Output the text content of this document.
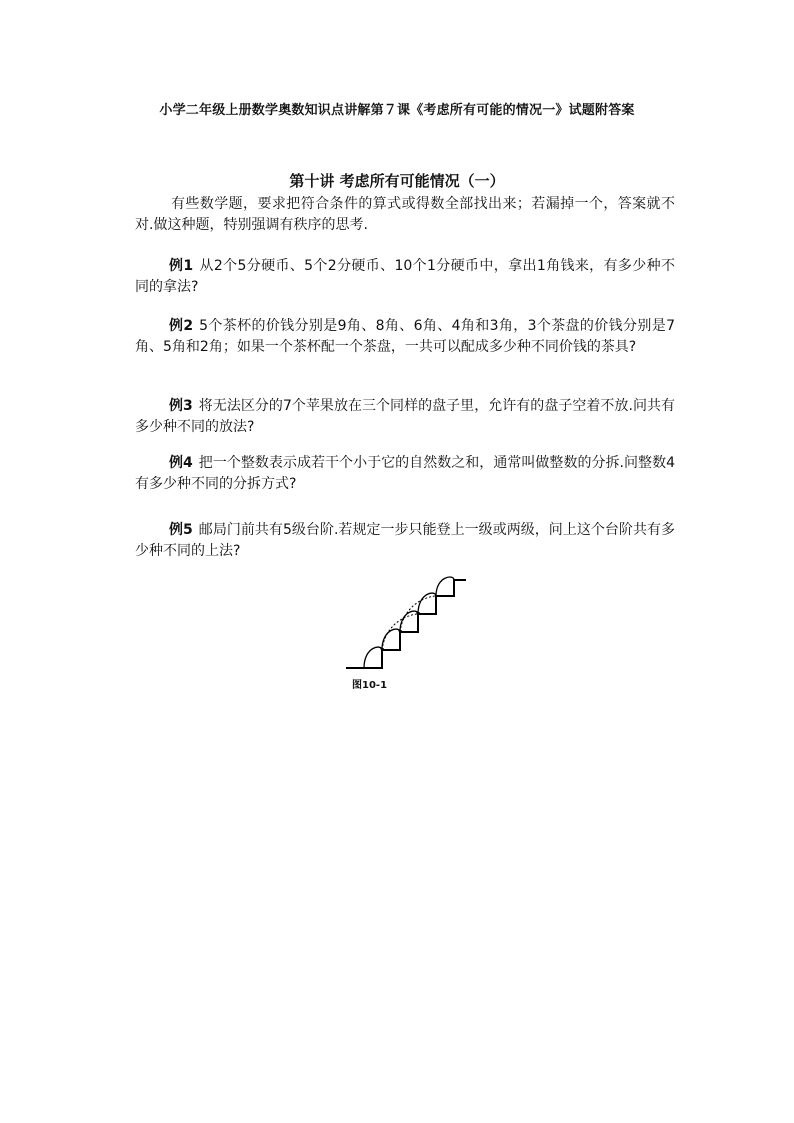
小学二年级上册数学奥数知识点讲解第７课《考虑所有可能的情况一》试题附答案
第十讲 考虑所有可能情况（一）

有些数学题，要求把符合条件的算式或得数全部找出来；若漏掉一个，答案就不对.做这种题，特别强调有秩序的思考.

例1 从2个5分硬币、5个2分硬币、10个1分硬币中，拿出1角钱来，有多少种不同的拿法?

例2 5个茶杯的价钱分别是9角、8角、6角、4角和3角，3个茶盘的价钱分别是7角、5角和2角；如果一个茶杯配一个茶盘，一共可以配成多少种不同价钱的茶具?

例3 将无法区分的7个苹果放在三个同样的盘子里，允许有的盘子空着不放.问共有多少种不同的放法?

例4 把一个整数表示成若干个小于它的自然数之和，通常叫做整数的分拆.问整数4有多少种不同的分拆方式?

例5 邮局门前共有5级台阶.若规定一步只能登上一级或两级，问上这个台阶共有多少种不同的上法?

图10-1
